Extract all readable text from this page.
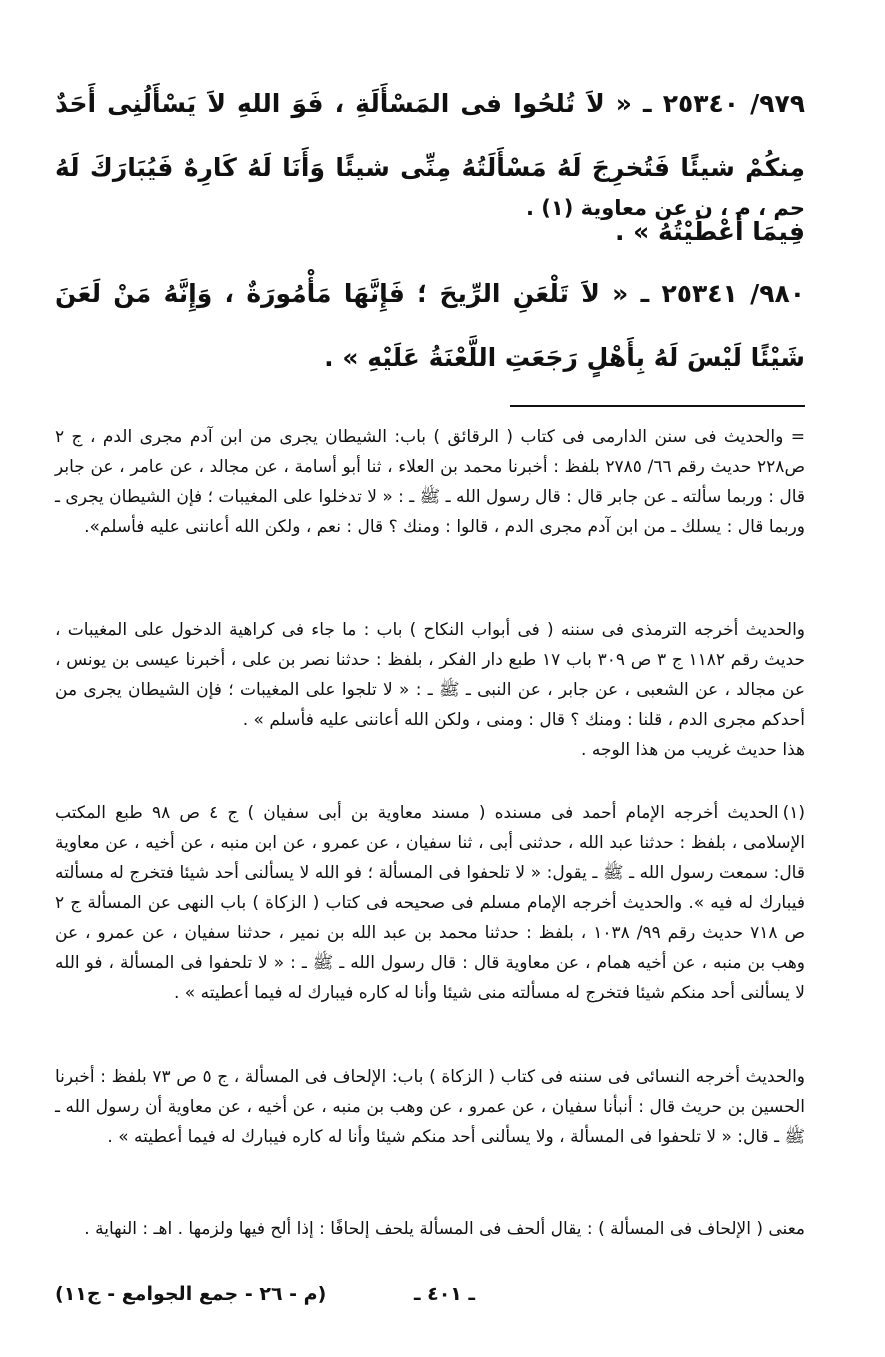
٩٧٩/ ٢٥٣٤٠ ـ « لاَ تُلحُوا فى المَسْأَلَةِ ، فَوَ اللهِ لاَ يَسْأَلُنِى أَحَدٌ مِنكُمْ شيئًا فَتُخرِجَ لَهُ مَسْأَلَتُهُ مِنِّى شيئًا وَأَنَا لَهُ كَارِهٌ فَيُبَارَكَ لَهُ فِيمَا أَعْطَيْتُهُ » .

حم ، م ، ن عن معاوية (١) .

٩٨٠/ ٢٥٣٤١ ـ « لاَ تَلْعَنِ الرِّيحَ ؛ فَإِنَّهَا مَأْمُورَةٌ ، وَإِنَّهُ مَنْ لَعَنَ شَيْئًا لَيْسَ لَهُ بِأَهْلٍ رَجَعَتِ اللَّعْنَةُ عَلَيْهِ » .

= والحديث فى سنن الدارمى فى كتاب ( الرقائق ) باب: الشيطان يجرى من ابن آدم مجرى الدم ، ج ٢ ص٢٢٨ حديث رقم ٦٦/ ٢٧٨٥ بلفظ : أخبرنا محمد بن العلاء ، ثنا أبو أسامة ، عن مجالد ، عن عامر ، عن جابر قال : وربما سألته ـ عن جابر قال : قال رسول الله ـ ﷺ ـ : « لا تدخلوا على المغيبات ؛ فإن الشيطان يجرى ـ وربما قال : يسلك ـ من ابن آدم مجرى الدم ، قالوا : ومنك ؟ قال : نعم ، ولكن الله أعاننى عليه فأسلم».

والحديث أخرجه الترمذى فى سننه ( فى أبواب النكاح ) باب : ما جاء فى كراهية الدخول على المغيبات ، حديث رقم ١١٨٢ ج ٣ ص ٣٠٩ باب ١٧ طبع دار الفكر ، بلفظ : حدثنا نصر بن على ، أخبرنا عيسى بن يونس ، عن مجالد ، عن الشعبى ، عن جابر ، عن النبى ـ ﷺ ـ : « لا تلجوا على المغيبات ؛ فإن الشيطان يجرى من أحدكم مجرى الدم ، قلنا : ومنك ؟ قال : ومنى ، ولكن الله أعاننى عليه فأسلم » .
هذا حديث غريب من هذا الوجه .

(١)الحديث أخرجه الإمام أحمد فى مسنده ( مسند معاوية بن أبى سفيان ) ج ٤ ص ٩٨ طبع المكتب الإسلامى ، بلفظ : حدثنا عبد الله ، حدثنى أبى ، ثنا سفيان ، عن عمرو ، عن ابن منبه ، عن أخيه ، عن معاوية قال: سمعت رسول الله ـ ﷺ ـ يقول: « لا تلحفوا فى المسألة ؛ فو الله لا يسألنى أحد شيئا فتخرج له مسألته فيبارك له فيه ». والحديث أخرجه الإمام مسلم فى صحيحه فى كتاب ( الزكاة ) باب النهى عن المسألة ج ٢ ص ٧١٨ حديث رقم ٩٩/ ١٠٣٨ ، بلفظ : حدثنا محمد بن عبد الله بن نمير ، حدثنا سفيان ، عن عمرو ، عن وهب بن منبه ، عن أخيه همام ، عن معاوية قال : قال رسول الله ـ ﷺ ـ : « لا تلحفوا فى المسألة ، فو الله لا يسألنى أحد منكم شيئا فتخرج له مسألته منى شيئا وأنا له كاره فيبارك له فيما أعطيته » .

والحديث أخرجه النسائى فى سننه فى كتاب ( الزكاة ) باب: الإلحاف فى المسألة ، ج ٥ ص ٧٣ بلفظ : أخبرنا الحسين بن حريث قال : أنبأنا سفيان ، عن عمرو ، عن وهب بن منبه ، عن أخيه ، عن معاوية أن رسول الله ـ ﷺ ـ قال: « لا تلحفوا فى المسألة ، ولا يسألنى أحد منكم شيئا وأنا له كاره فيبارك له فيما أعطيته » .

معنى ( الإلحاف فى المسألة ) : يقال ألحف فى المسألة يلحف إلحافًا : إذا ألح فيها ولزمها . اهـ : النهاية .

ـ ٤٠١ ـ
(م - ٢٦ - جمع الجوامع - ج١١)
